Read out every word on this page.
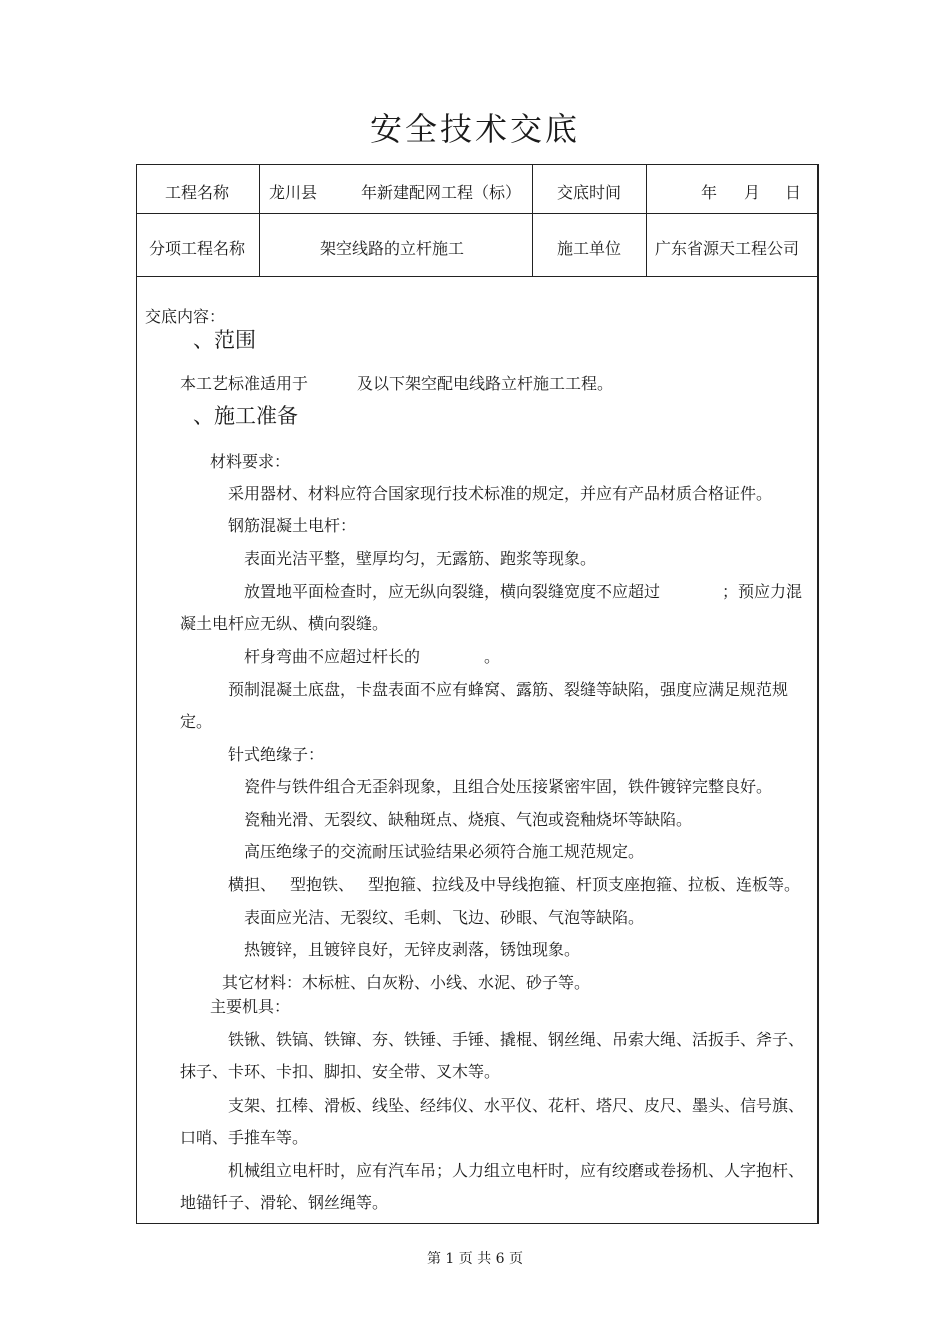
安全技术交底
工程名称 龙川县	年新建配网工程（ 标） 交底时间	年 月 日
分项工程名称	架空线路的立杆施工	施工单位 广东省源天工程公司
交底内容：
、范围
本工艺标准适用于	及以下架空配电线路立杆施工工程。
、施工准备
材料要求：
采用器材、材料应符合国家现行技术标准的规定，并应有产品材质合格证件。
钢筋混凝土电杆：
表面光洁平整，壁厚均匀，无露筋、跑浆等现象。
放置地平面检查时，应无纵向裂缝，横向裂缝宽度不应超过	；预应力混
凝土电杆应无纵、横向裂缝。
杆身弯曲不应超过杆长的	。
预制混凝土底盘，卡盘表面不应有蜂窝、露筋、裂缝等缺陷，强度应满足规范规
定。
针式绝缘子：
瓷件与铁件组合无歪斜现象，且组合处压接紧密牢固，铁件镀锌完整良好。
瓷釉光滑、无裂纹、缺釉斑点、烧痕、气泡或瓷釉烧坏等缺陷。
高压绝缘子的交流耐压试验结果必须符合施工规范规定。
横担、 型抱铁、 型抱箍、拉线及中导线抱箍、杆顶支座抱箍、拉板、连板等。
表面应光洁、无裂纹、毛刺、飞边、砂眼、气泡等缺陷。
热镀锌，且镀锌良好，无锌皮剥落，锈蚀现象。
其它材料：木标桩、白灰粉、小线、水泥、砂子等。
主要机具：
铁锹、铁镐、铁镩、夯、铁锤、手锤、撬棍、钢丝绳、吊索大绳、活扳手、斧子、
抹子、卡环、卡扣、脚扣、安全带、叉木等。
支架、扛棒、滑板、线坠、经纬仪、水平仪、花杆、塔尺、皮尺、墨头、信号旗、
口哨、手推车等。
机械组立电杆时，应有汽车吊；人力组立电杆时，应有绞磨或卷扬机、人字抱杆、
地锚钎子、滑轮、钢丝绳等。
第 1 页 共 6 页
